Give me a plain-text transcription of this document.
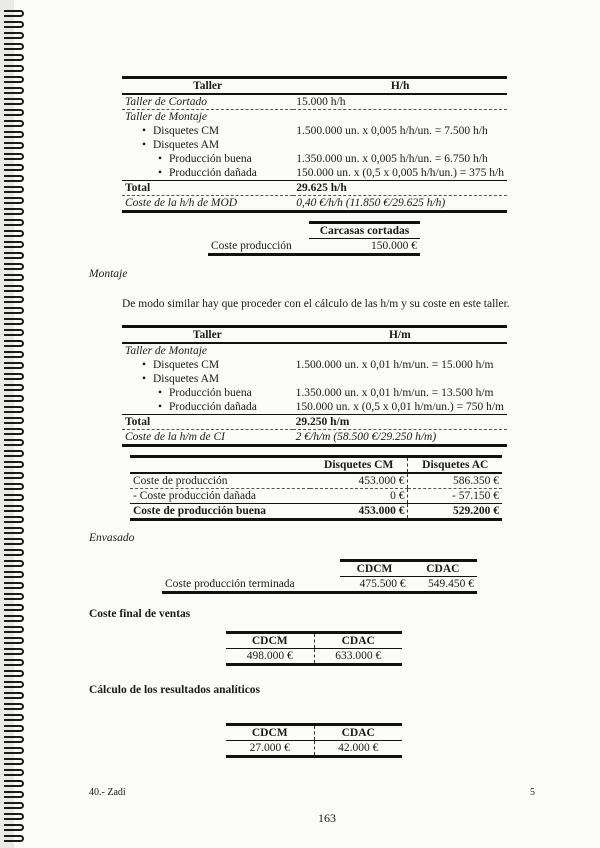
Taller	H/h
Taller de Cortado	15.000 h/h
Taller de Montaje	
• Disquetes CM	1.500.000 un. x 0,005 h/h/un. = 7.500 h/h
• Disquetes AM	
• Producción buena	1.350.000 un. x 0,005 h/h/un. = 6.750 h/h
• Producción dañada	150.000 un. x (0,5 x 0,005 h/h/un.) = 375 h/h
Total	29.625 h/h
Coste de la h/h de MOD	0,40 €/h/h (11.850 €/29.625 h/h)
	Carcasas cortadas
Coste producción	150.000 €
Montaje
De modo similar hay que proceder con el cálculo de las h/m y su coste en este taller.
Taller	H/m
Taller de Montaje	
• Disquetes CM	1.500.000 un. x 0,01 h/m/un. = 15.000 h/m
• Disquetes AM	
• Producción buena	1.350.000 un. x 0,01 h/m/un. = 13.500 h/m
• Producción dañada	150.000 un. x (0,5 x 0,01 h/m/un.) = 750 h/m
Total	29.250 h/m
Coste de la h/m de CI	2 €/h/m (58.500 €/29.250 h/m)
	Disquetes CM	Disquetes AC
Coste de producción	453.000 €	586.350 €
- Coste producción dañada	0 €	- 57.150 €
Coste de producción buena	453.000 €	529.200 €
Envasado
	CDCM	CDAC
Coste producción terminada	475.500 €	549.450 €
Coste final de ventas
CDCM	CDAC
498.000 €	633.000 €
Cálculo de los resultados analíticos
CDCM	CDAC
27.000 €	42.000 €
40.- Zadi	5
163
